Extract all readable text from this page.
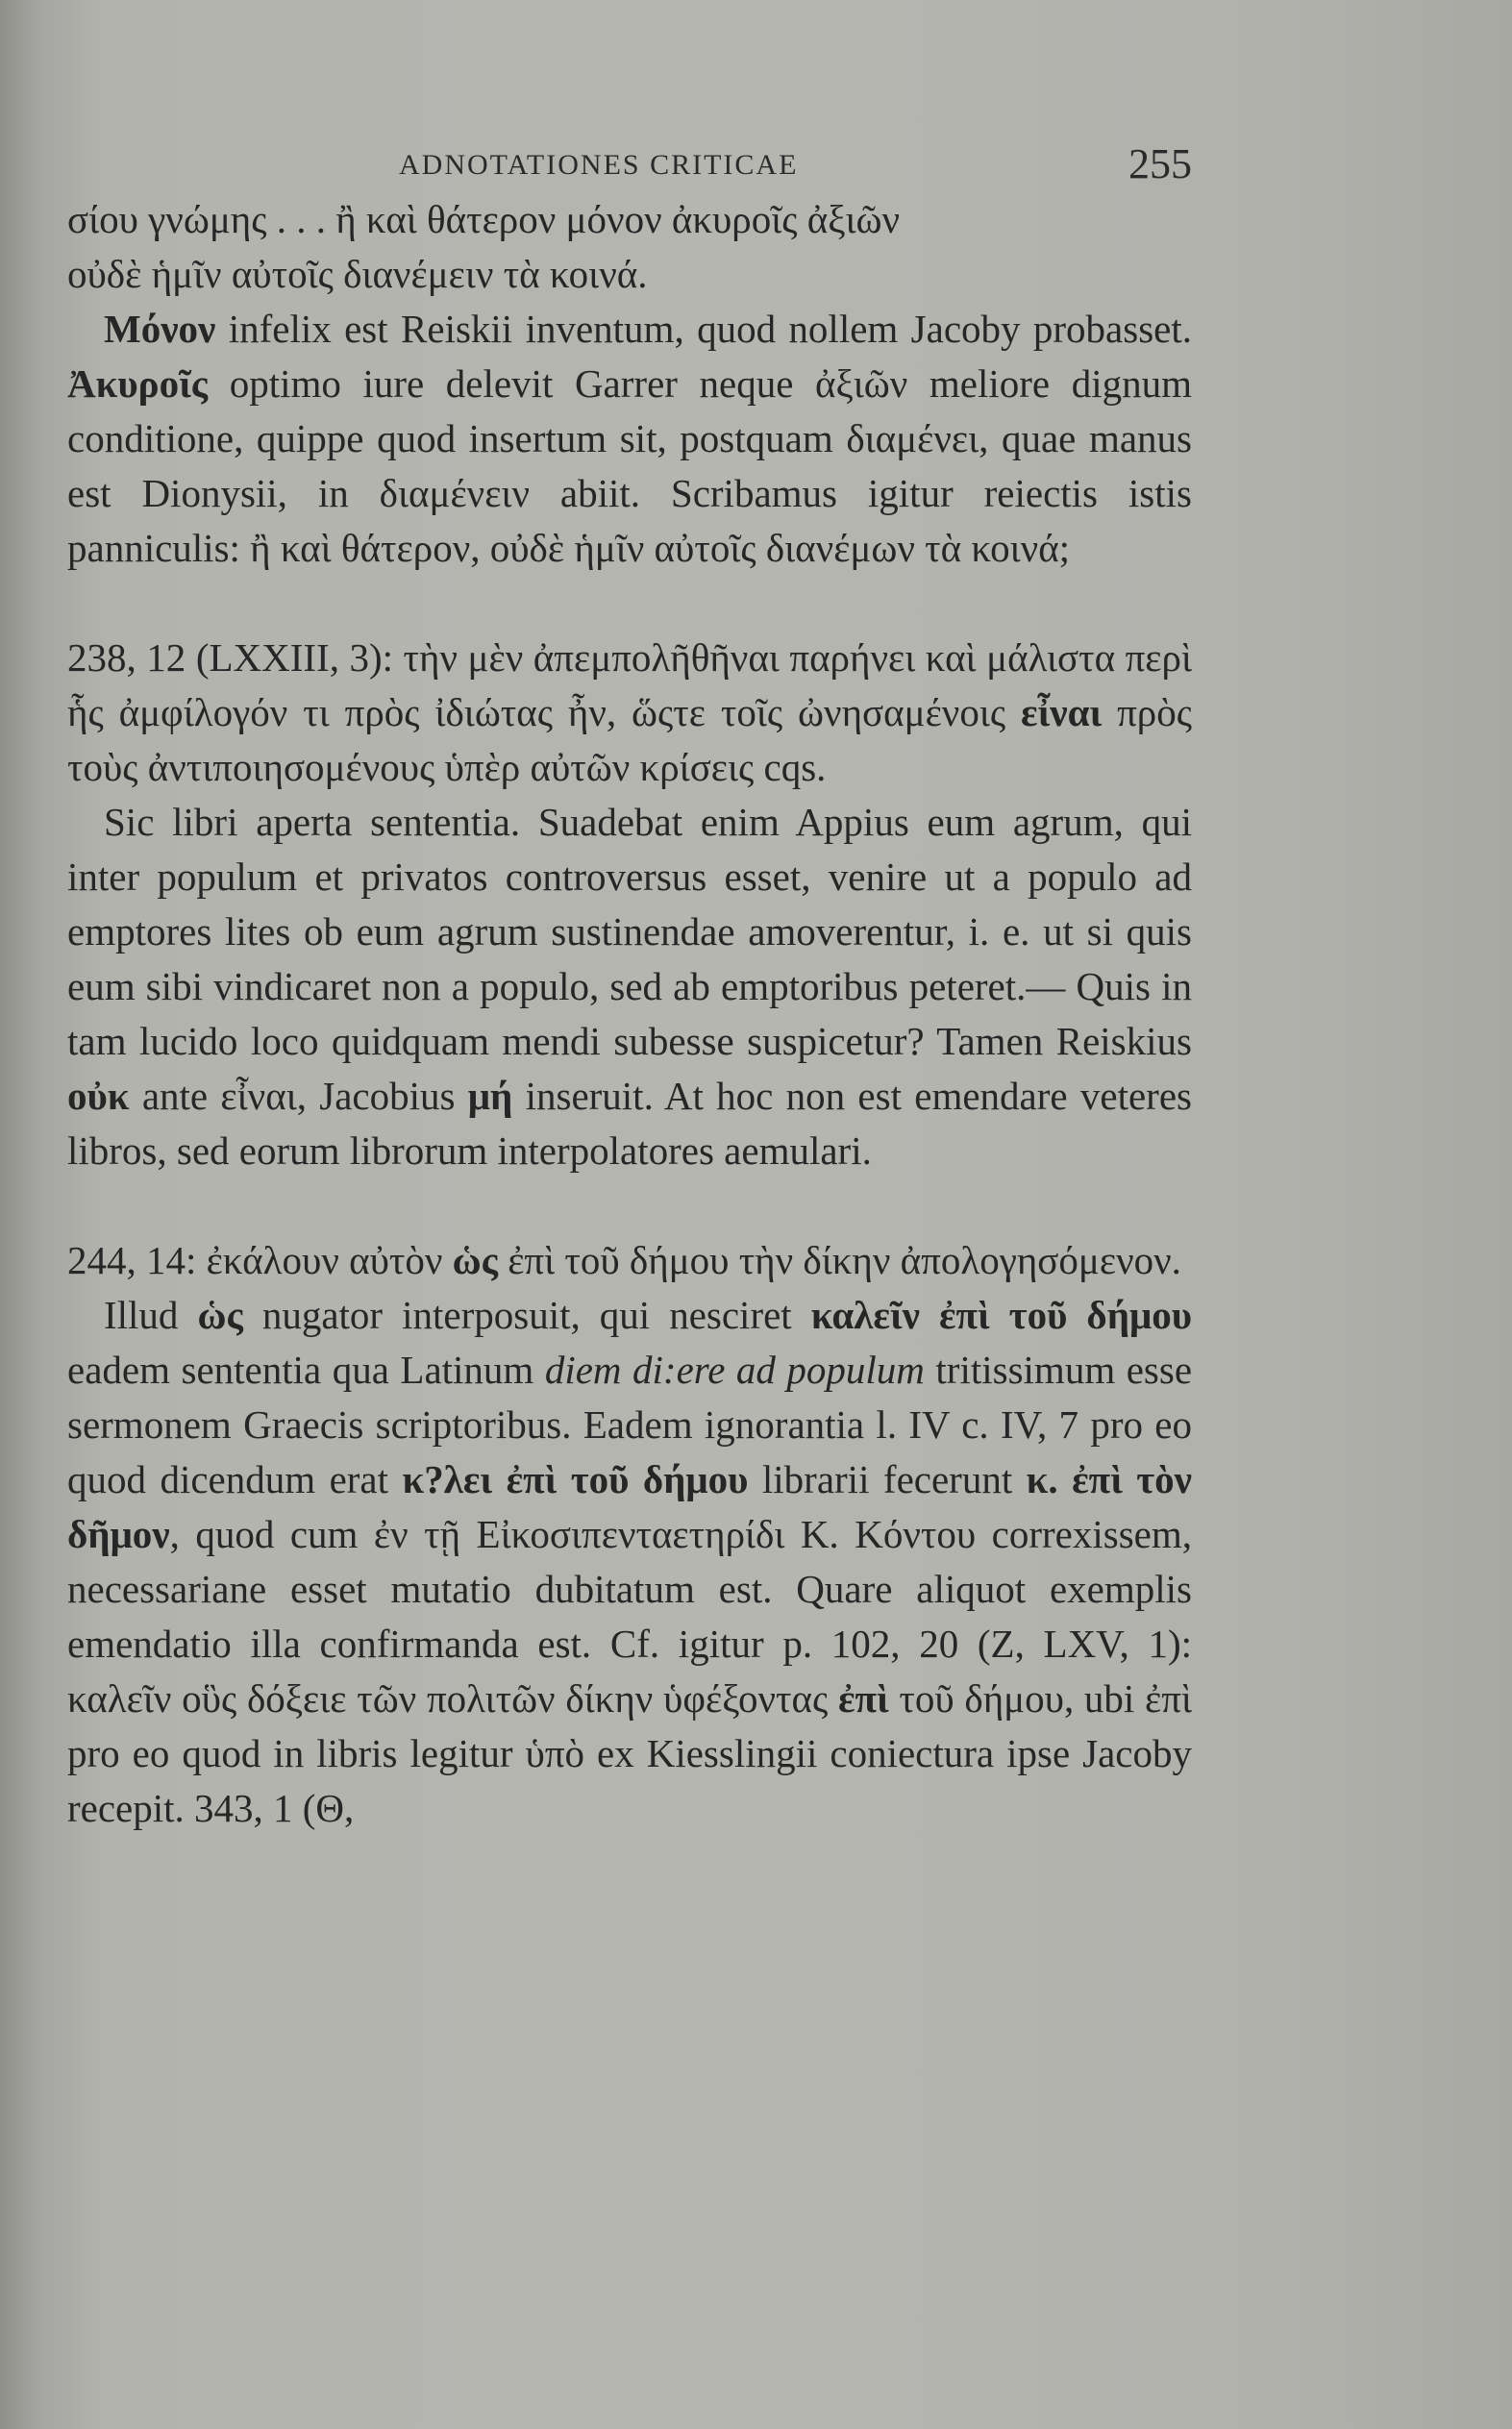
ADNOTATIONES CRITICAE	255

σίου γνώμης . . . ἢ καὶ θάτερον μόνον ἀκυροῖς ἀξιῶν

οὐδὲ ἡμῖν αὐτοῖς διανέμειν τὰ κοινά.

Μόνον infelix est Reiskii inventum, quod nollem Jacoby probasset. Ἀκυροῖς optimo iure delevit Garrer neque ἀξιῶν meliore dignum conditione, quippe quod insertum sit, postquam διαμένει, quae manus est Dionysii, in διαμένειν abiit. Scribamus igitur reiectis istis panniculis: ἢ καὶ θάτερον, οὐδὲ ἡμῖν αὐτοῖς διανέμων τὰ κοινά;

238, 12 (LXXIII, 3): τὴν μὲν ἀπεμπολῆθῆναι παρήνει καὶ μάλιστα περὶ ἧς ἀμφίλογόν τι πρὸς ἰδιώτας ἦν, ὥςτε τοῖς ὠνησαμένοις εἶναι πρὸς τοὺς ἀντιποιησομένους ὑπὲρ αὐτῶν κρίσεις cqs.

Sic libri aperta sententia. Suadebat enim Appius eum agrum, qui inter populum et privatos controversus esset, venire ut a populo ad emptores lites ob eum agrum sustinendae amoverentur, i. e. ut si quis eum sibi vindicaret non a populo, sed ab emptoribus peteret.— Quis in tam lucido loco quidquam mendi subesse suspicetur? Tamen Reiskius οὐκ ante εἶναι, Jacobius μή inseruit. At hoc non est emendare veteres libros, sed eorum librorum interpolatores aemulari.

244, 14: ἐκάλουν αὐτὸν ὡς ἐπὶ τοῦ δήμου τὴν δίκην ἀπολογησόμενον.

Illud ὡς nugator interposuit, qui nesciret καλεῖν ἐπὶ τοῦ δήμου eadem sententia qua Latinum diem di:ere ad populum tritissimum esse sermonem Graecis scriptoribus. Eadem ignorantia l. IV c. IV, 7 pro eo quod dicendum erat κ?λει ἐπὶ τοῦ δήμου librarii fecerunt κ. ἐπὶ τὸν δῆμον, quod cum ἐν τῇ Εἰκοσιπενταετηρίδι K. Κόντου correxissem, necessariane esset mutatio dubitatum est. Quare aliquot exemplis emendatio illa confirmanda est. Cf. igitur p. 102, 20 (Z, LXV, 1): καλεῖν οὓς δόξειε τῶν πολιτῶν δίκην ὑφέξοντας ἐπὶ τοῦ δήμου, ubi ἐπὶ pro eo quod in libris legitur ὑπὸ ex Kiesslingii coniectura ipse Jacoby recepit. 343, 1 (Θ,
